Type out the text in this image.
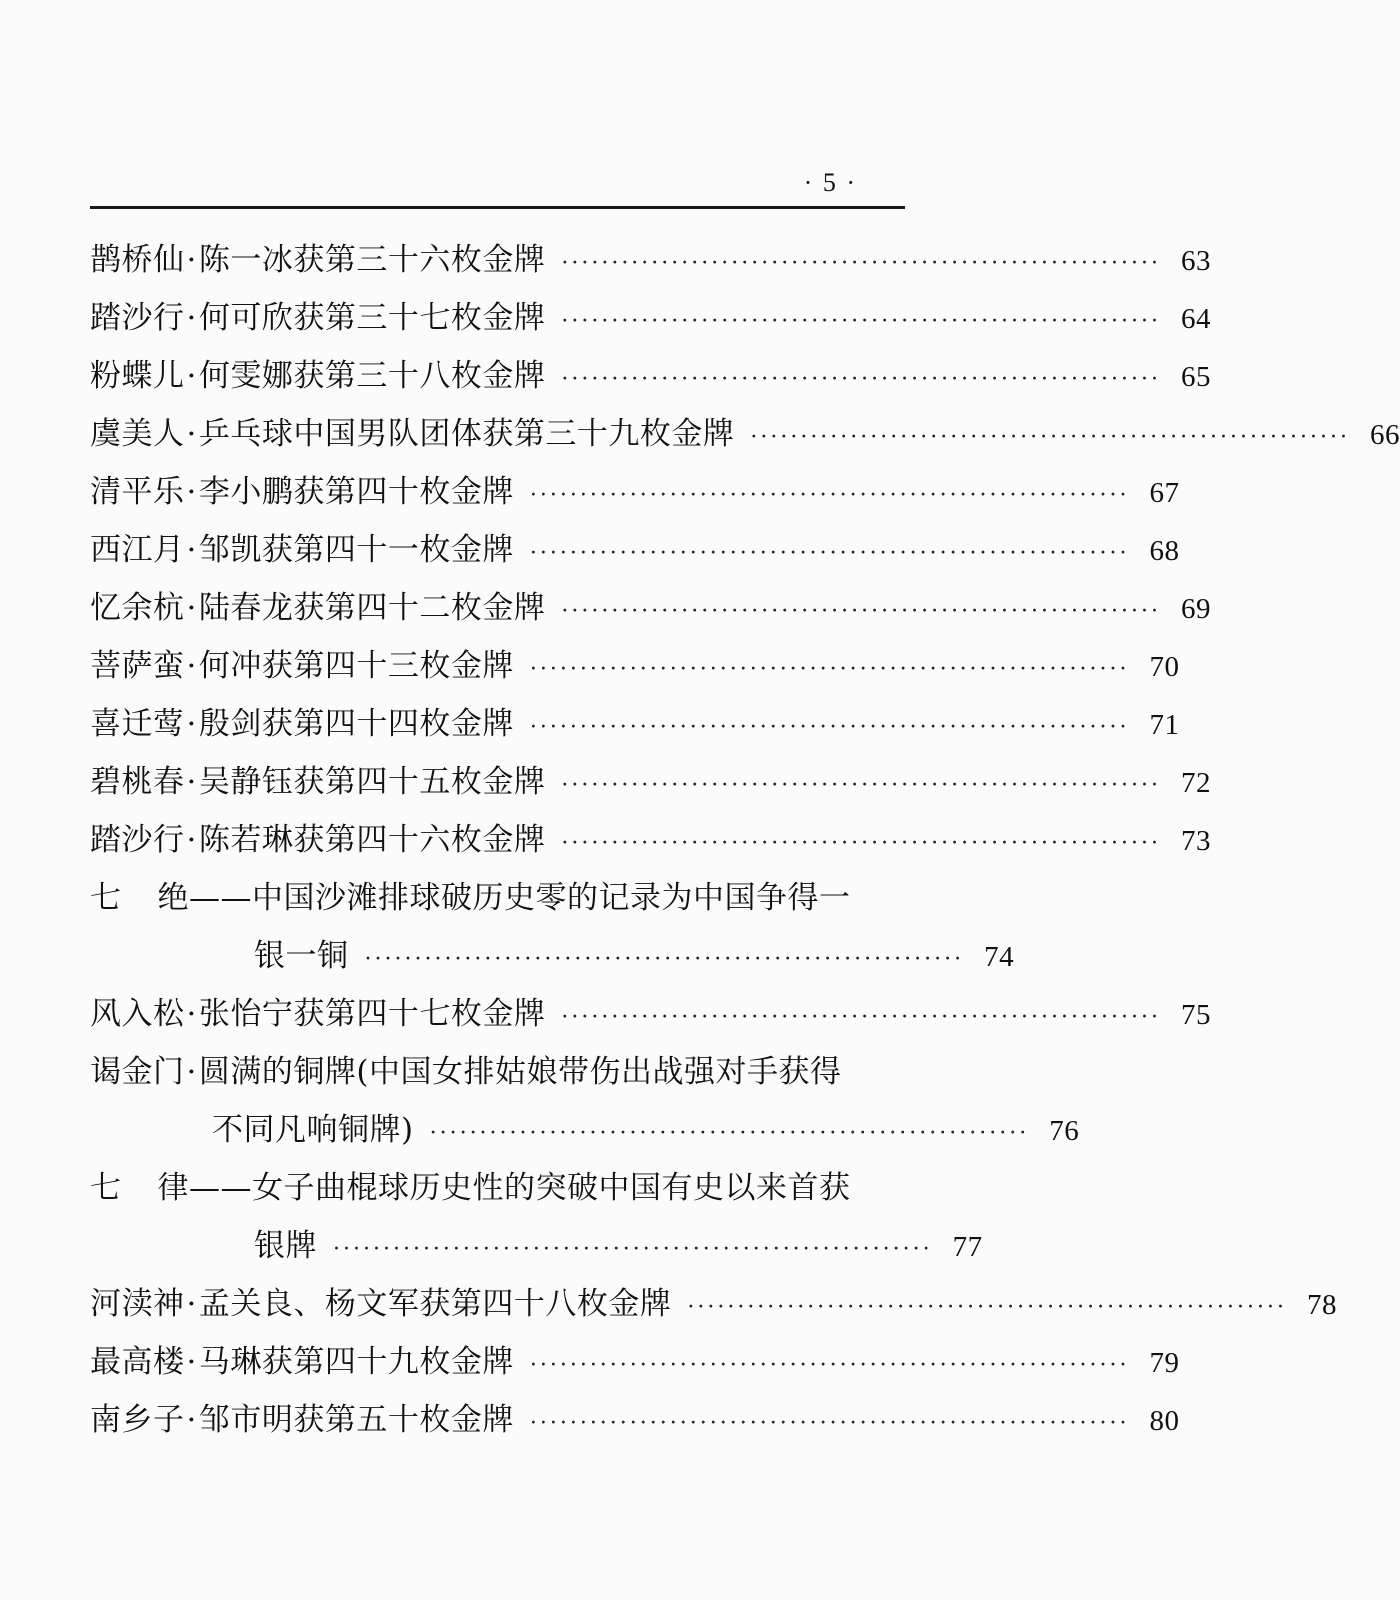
· 5 ·
鹊桥仙 · 陈一冰获第三十六枚金牌 ···························································· 63
踏沙行 · 何可欣获第三十七枚金牌 ···························································· 64
粉蝶儿 · 何雯娜获第三十八枚金牌 ···························································· 65
虞美人 · 乒乓球中国男队团体获第三十九枚金牌 ···························································· 66
清平乐 · 李小鹏获第四十枚金牌 ···························································· 67
西江月 · 邹凯获第四十一枚金牌 ···························································· 68
忆余杭 · 陆春龙获第四十二枚金牌 ···························································· 69
菩萨蛮 · 何冲获第四十三枚金牌 ···························································· 70
喜迁莺 · 殷剑获第四十四枚金牌 ···························································· 71
碧桃春 · 吴静钰获第四十五枚金牌 ···························································· 72
踏沙行 · 陈若琳获第四十六枚金牌 ···························································· 73
七 绝 ——中国沙滩排球破历史零的记录为中国争得一
银一铜 ···························································· 74
风入松 · 张怡宁获第四十七枚金牌 ···························································· 75
谒金门 · 圆满的铜牌(中国女排姑娘带伤出战强对手获得
不同凡响铜牌) ···························································· 76
七 律 ——女子曲棍球历史性的突破中国有史以来首获
银牌 ···························································· 77
河渎神 · 孟关良、杨文军获第四十八枚金牌 ···························································· 78
最高楼 · 马琳获第四十九枚金牌 ···························································· 79
南乡子 · 邹市明获第五十枚金牌 ···························································· 80
